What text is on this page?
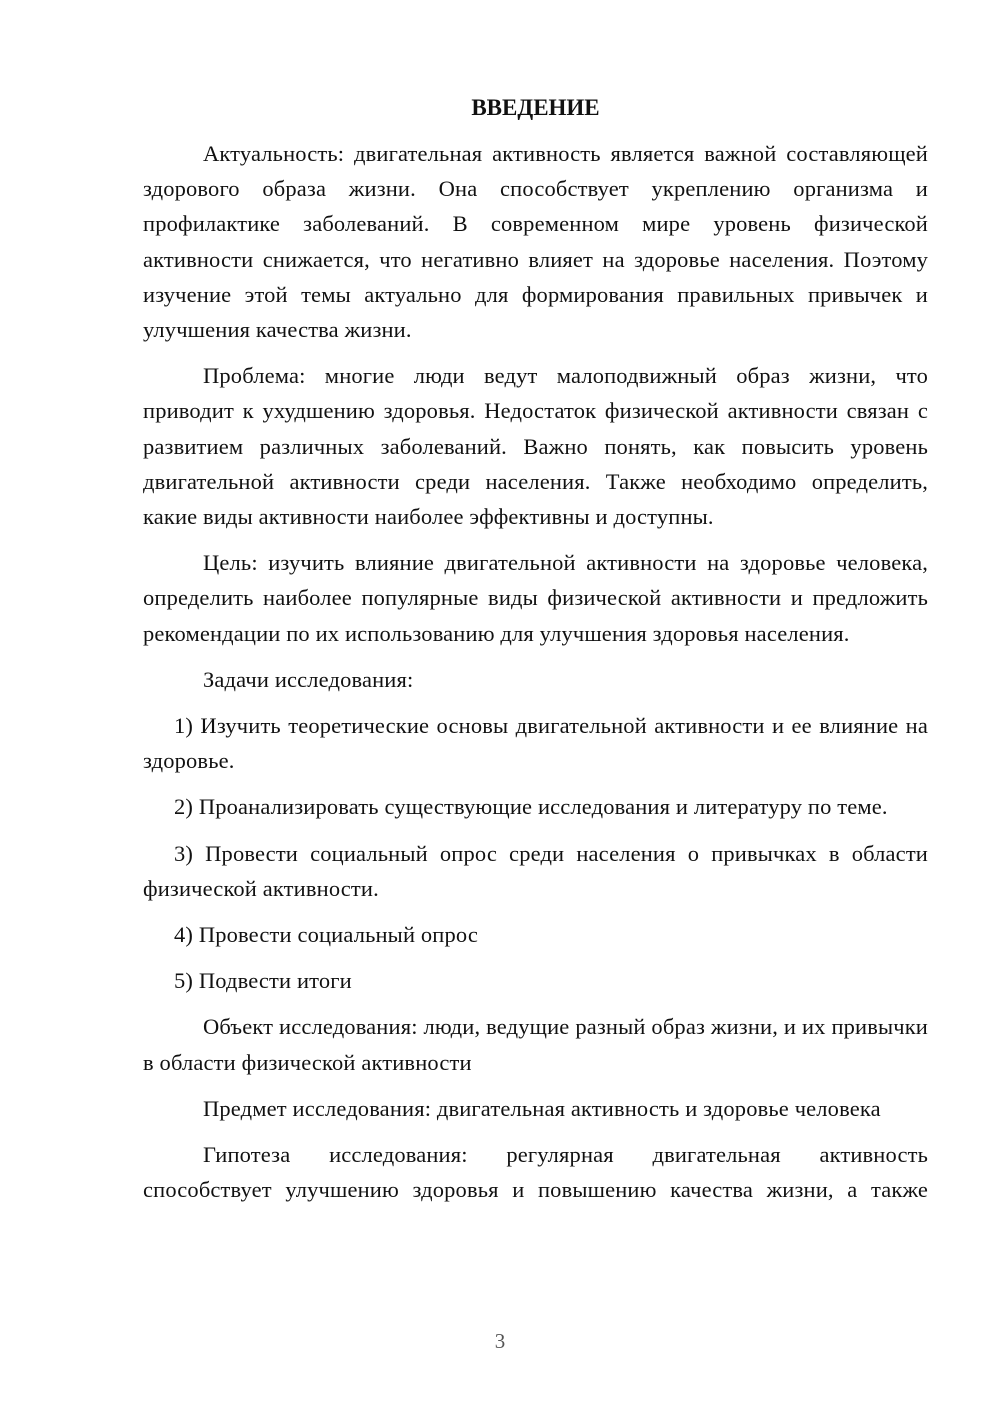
ВВЕДЕНИЕ

Актуальность: двигательная активность является важной составляющей здорового образа жизни. Она способствует укреплению организма и профилактике заболеваний. В современном мире уровень физической активности снижается, что негативно влияет на здоровье населения. Поэтому изучение этой темы актуально для формирования правильных привычек и улучшения качества жизни.

Проблема: многие люди ведут малоподвижный образ жизни, что приводит к ухудшению здоровья. Недостаток физической активности связан с развитием различных заболеваний. Важно понять, как повысить уровень двигательной активности среди населения. Также необходимо определить, какие виды активности наиболее эффективны и доступны.

Цель: изучить влияние двигательной активности на здоровье человека, определить наиболее популярные виды физической активности и предложить рекомендации по их использованию для улучшения здоровья населения.

Задачи исследования:

1) Изучить теоретические основы двигательной активности и ее влияние на здоровье.

2) Проанализировать существующие исследования и литературу по теме.

3) Провести социальный опрос среди населения о привычках в области физической активности.

4) Провести социальный опрос

5) Подвести итоги

Объект исследования: люди, ведущие разный образ жизни, и их привычки в области физической активности

Предмет исследования: двигательная активность и здоровье человека

Гипотеза исследования: регулярная двигательная активность способствует улучшению здоровья и повышению качества жизни, а также

3
